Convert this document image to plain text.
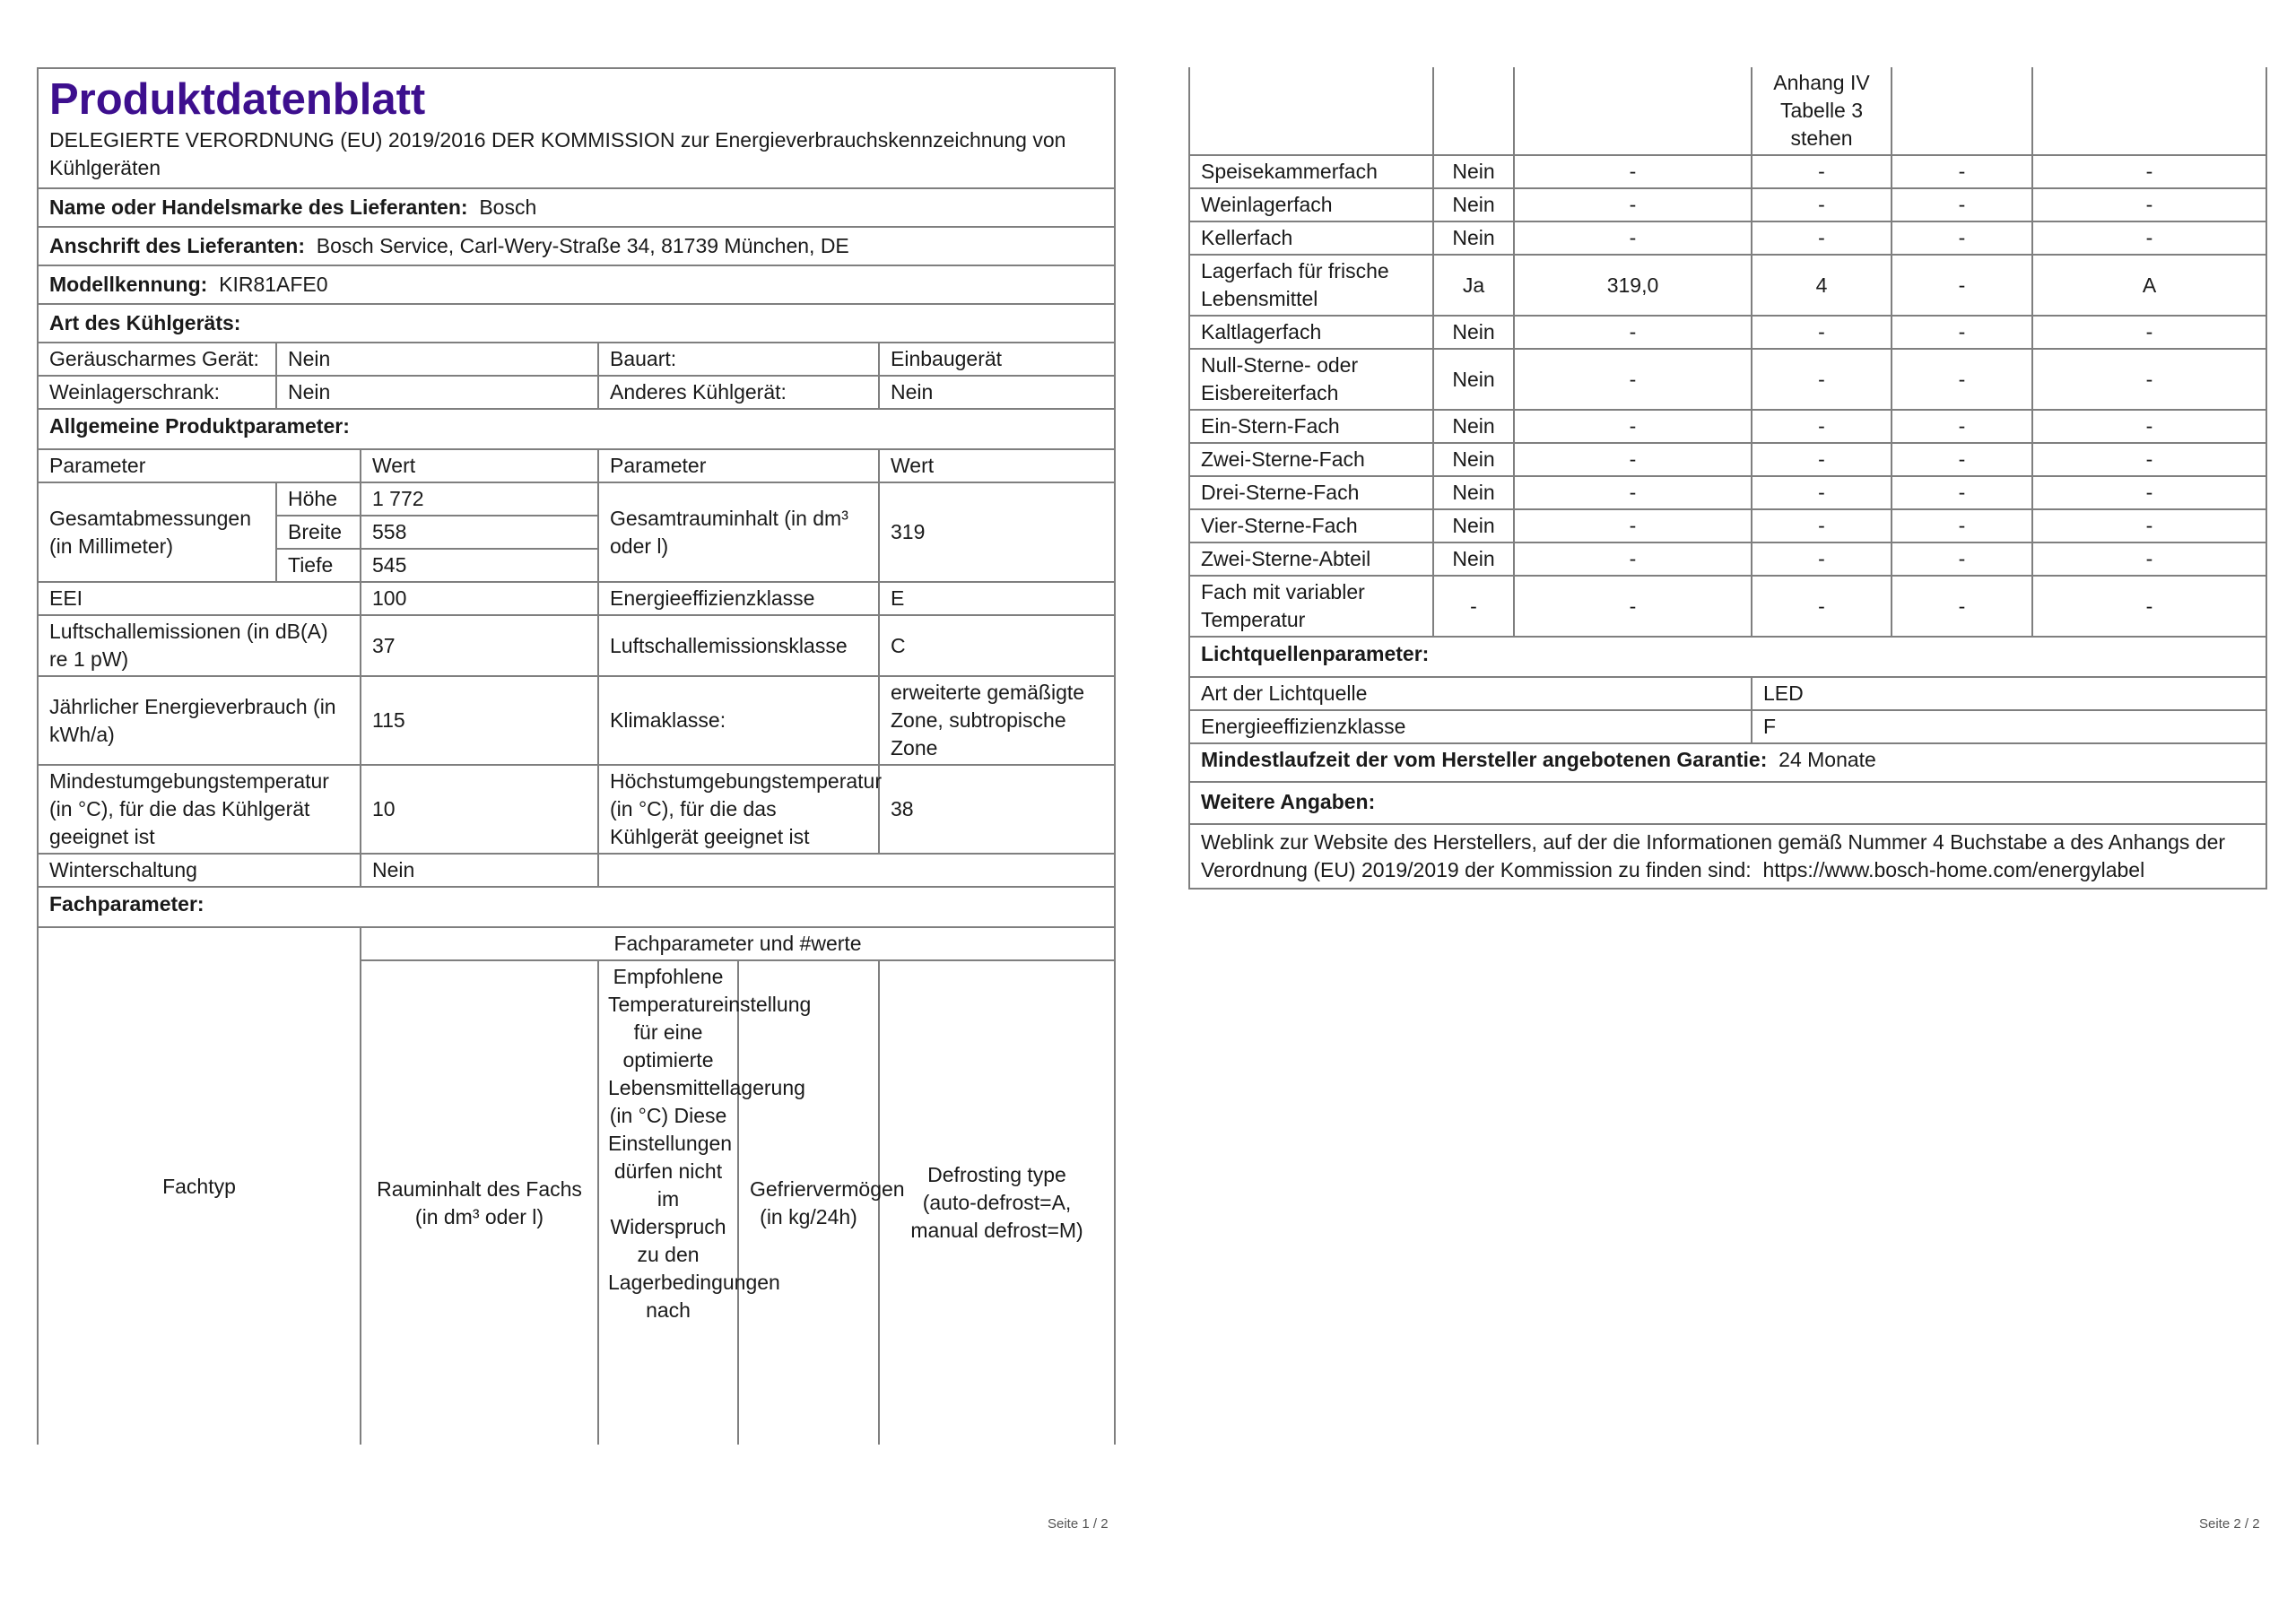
Produktdatenblatt
DELEGIERTE VERORDNUNG (EU) 2019/2016 DER KOMMISSION zur Energieverbrauchskennzeichnung von Kühlgeräten					

Name oder Handelsmarke des Lieferanten: Bosch					
Anschrift des Lieferanten: Bosch Service, Carl-Wery-Straße 34, 81739 München, DE					
Modellkennung: KIR81AFE0					
Art des Kühlgeräts:					
Geräuscharmes Gerät:	Nein		Bauart:		Einbaugerät
Weinlagerschrank:	Nein		Anderes Kühlgerät:		Nein
Allgemeine Produktparameter:					
Parameter		Wert	Parameter		Wert
Gesamtabmessungen (in Millimeter)	Höhe	1 772	Gesamtrauminhalt (in dm³ oder l)		319
	Breite	558			
	Tiefe	545			
EEI		100	Energieeffizienzklasse		E
Luftschallemissionen (in dB(A) re 1 pW)		37	Luftschallemissionsklasse		C
Jährlicher Energieverbrauch (in kWh/a)		115	Klimaklasse:		erweiterte gemäßigte Zone, subtropische Zone
Mindestumgebungstemperatur (in °C), für die das Kühlgerät geeignet ist		10	Höchstumgebungstemperatur (in °C), für die das Kühlgerät geeignet ist		38
Winterschaltung		Nein			
Fachparameter:					
Fachtyp		Fachparameter und #werte			
		Rauminhalt des Fachs (in dm³ oder l)	Empfohlene Temperatureinstellung für eine optimierte Lebensmittellagerung (in °C) Diese Einstellungen dürfen nicht im Widerspruch zu den Lagerbedingungen nach	Gefriervermögen (in kg/24h)	Defrosting type (auto-defrost=A, manual defrost=M)
Seite 1 / 2
			Anhang IV Tabelle 3 stehen		
Speisekammerfach	Nein	-	-	-	-
Weinlagerfach	Nein	-	-	-	-
Kellerfach	Nein	-	-	-	-
Lagerfach für frische Lebensmittel	Ja	319,0	4	-	A
Kaltlagerfach	Nein	-	-	-	-
Null-Sterne- oder Eisbereiterfach	Nein	-	-	-	-
Ein-Stern-Fach	Nein	-	-	-	-
Zwei-Sterne-Fach	Nein	-	-	-	-
Drei-Sterne-Fach	Nein	-	-	-	-
Vier-Sterne-Fach	Nein	-	-	-	-
Zwei-Sterne-Abteil	Nein	-	-	-	-
Fach mit variabler Temperatur	-	-	-	-	-
Lichtquellenparameter:					
Art der Lichtquelle			LED		
Energieeffizienzklasse			F		
Mindestlaufzeit der vom Hersteller angebotenen Garantie: 24 Monate					
Weitere Angaben:					
Weblink zur Website des Herstellers, auf der die Informationen gemäß Nummer 4 Buchstabe a des Anhangs der Verordnung (EU) 2019/2019 der Kommission zu finden sind: https://www.bosch-home.com/energylabel					
Seite 2 / 2
